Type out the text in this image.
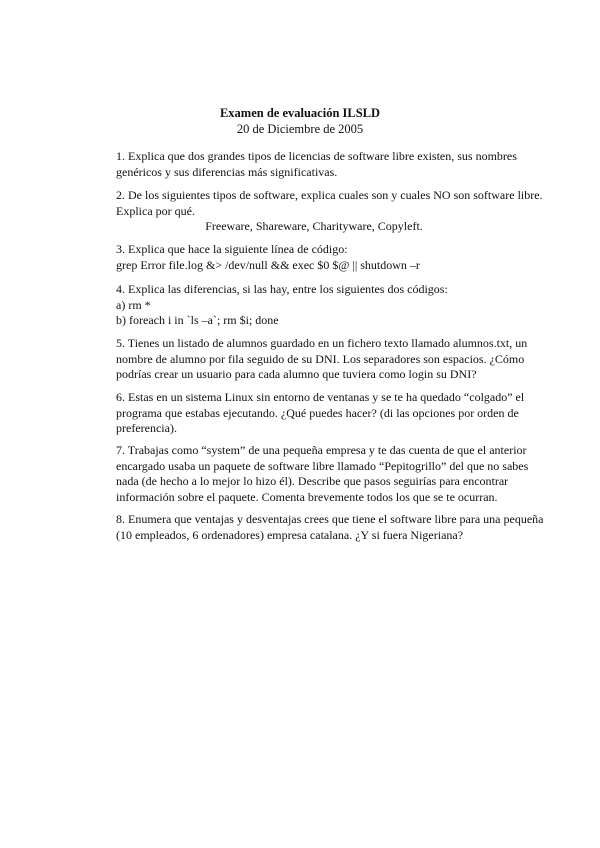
Examen de evaluación ILSLD
20 de Diciembre de 2005
1. Explica que dos grandes tipos de licencias de software libre existen, sus nombres
genéricos y sus diferencias más significativas.
2. De los siguientes tipos de software, explica cuales son y cuales NO son software libre.
Explica por qué.
Freeware, Shareware, Charityware, Copyleft.
3. Explica que hace la siguiente línea de código:
grep Error file.log &> /dev/null && exec $0 $@ || shutdown –r
4. Explica las diferencias, si las hay, entre los siguientes dos códigos:
a) rm *
b) foreach i in `ls –a`; rm $i; done
5. Tienes un listado de alumnos guardado en un fichero texto llamado alumnos.txt, un
nombre de alumno por fila seguido de su DNI. Los separadores son espacios. ¿Cómo
podrías crear un usuario para cada alumno que tuviera como login su DNI?
6. Estas en un sistema Linux sin entorno de ventanas y se te ha quedado “colgado” el
programa que estabas ejecutando. ¿Qué puedes hacer? (di las opciones por orden de
preferencia).
7. Trabajas como “system” de una pequeña empresa y te das cuenta de que el anterior
encargado usaba un paquete de software libre llamado “Pepitogrillo” del que no sabes
nada (de hecho a lo mejor lo hizo él). Describe que pasos seguirías para encontrar
información sobre el paquete. Comenta brevemente todos los que se te ocurran.
8. Enumera que ventajas y desventajas crees que tiene el software libre para una pequeña
(10 empleados, 6 ordenadores) empresa catalana. ¿Y si fuera Nigeriana?
